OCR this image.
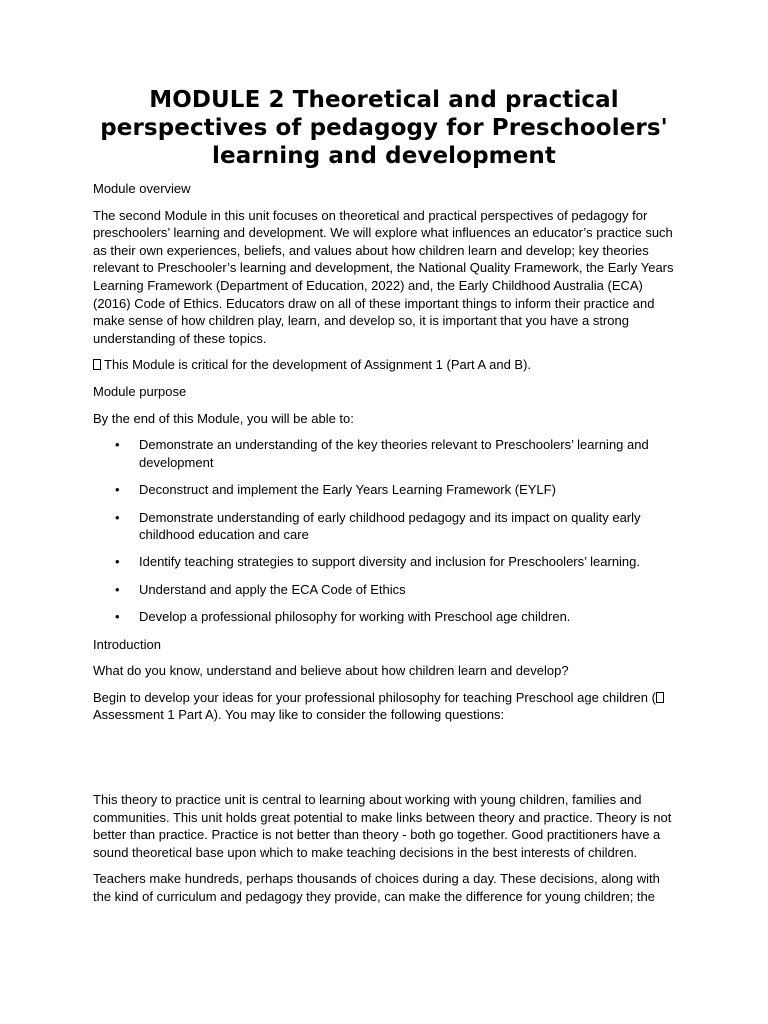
MODULE 2 Theoretical and practical perspectives of pedagogy for Preschoolers' learning and development

Module overview

The second Module in this unit focuses on theoretical and practical perspectives of pedagogy for preschoolers’ learning and development. We will explore what influences an educator’s practice such as their own experiences, beliefs, and values about how children learn and develop; key theories relevant to Preschooler’s learning and development, the National Quality Framework, the Early Years Learning Framework (Department of Education, 2022) and, the Early Childhood Australia (ECA) (2016) Code of Ethics. Educators draw on all of these important things to inform their practice and make sense of how children play, learn, and develop so, it is important that you have a strong understanding of these topics.

This Module is critical for the development of Assignment 1 (Part A and B).

Module purpose

By the end of this Module, you will be able to:

• Demonstrate an understanding of the key theories relevant to Preschoolers’ learning and development
• Deconstruct and implement the Early Years Learning Framework (EYLF)
• Demonstrate understanding of early childhood pedagogy and its impact on quality early childhood education and care
• Identify teaching strategies to support diversity and inclusion for Preschoolers’ learning.
• Understand and apply the ECA Code of Ethics
• Develop a professional philosophy for working with Preschool age children.

Introduction

What do you know, understand and believe about how children learn and develop?

Begin to develop your ideas for your professional philosophy for teaching Preschool age children (
Assessment 1 Part A). You may like to consider the following questions:

This theory to practice unit is central to learning about working with young children, families and communities. This unit holds great potential to make links between theory and practice. Theory is not better than practice. Practice is not better than theory - both go together. Good practitioners have a sound theoretical base upon which to make teaching decisions in the best interests of children.

Teachers make hundreds, perhaps thousands of choices during a day. These decisions, along with the kind of curriculum and pedagogy they provide, can make the difference for young children; the
